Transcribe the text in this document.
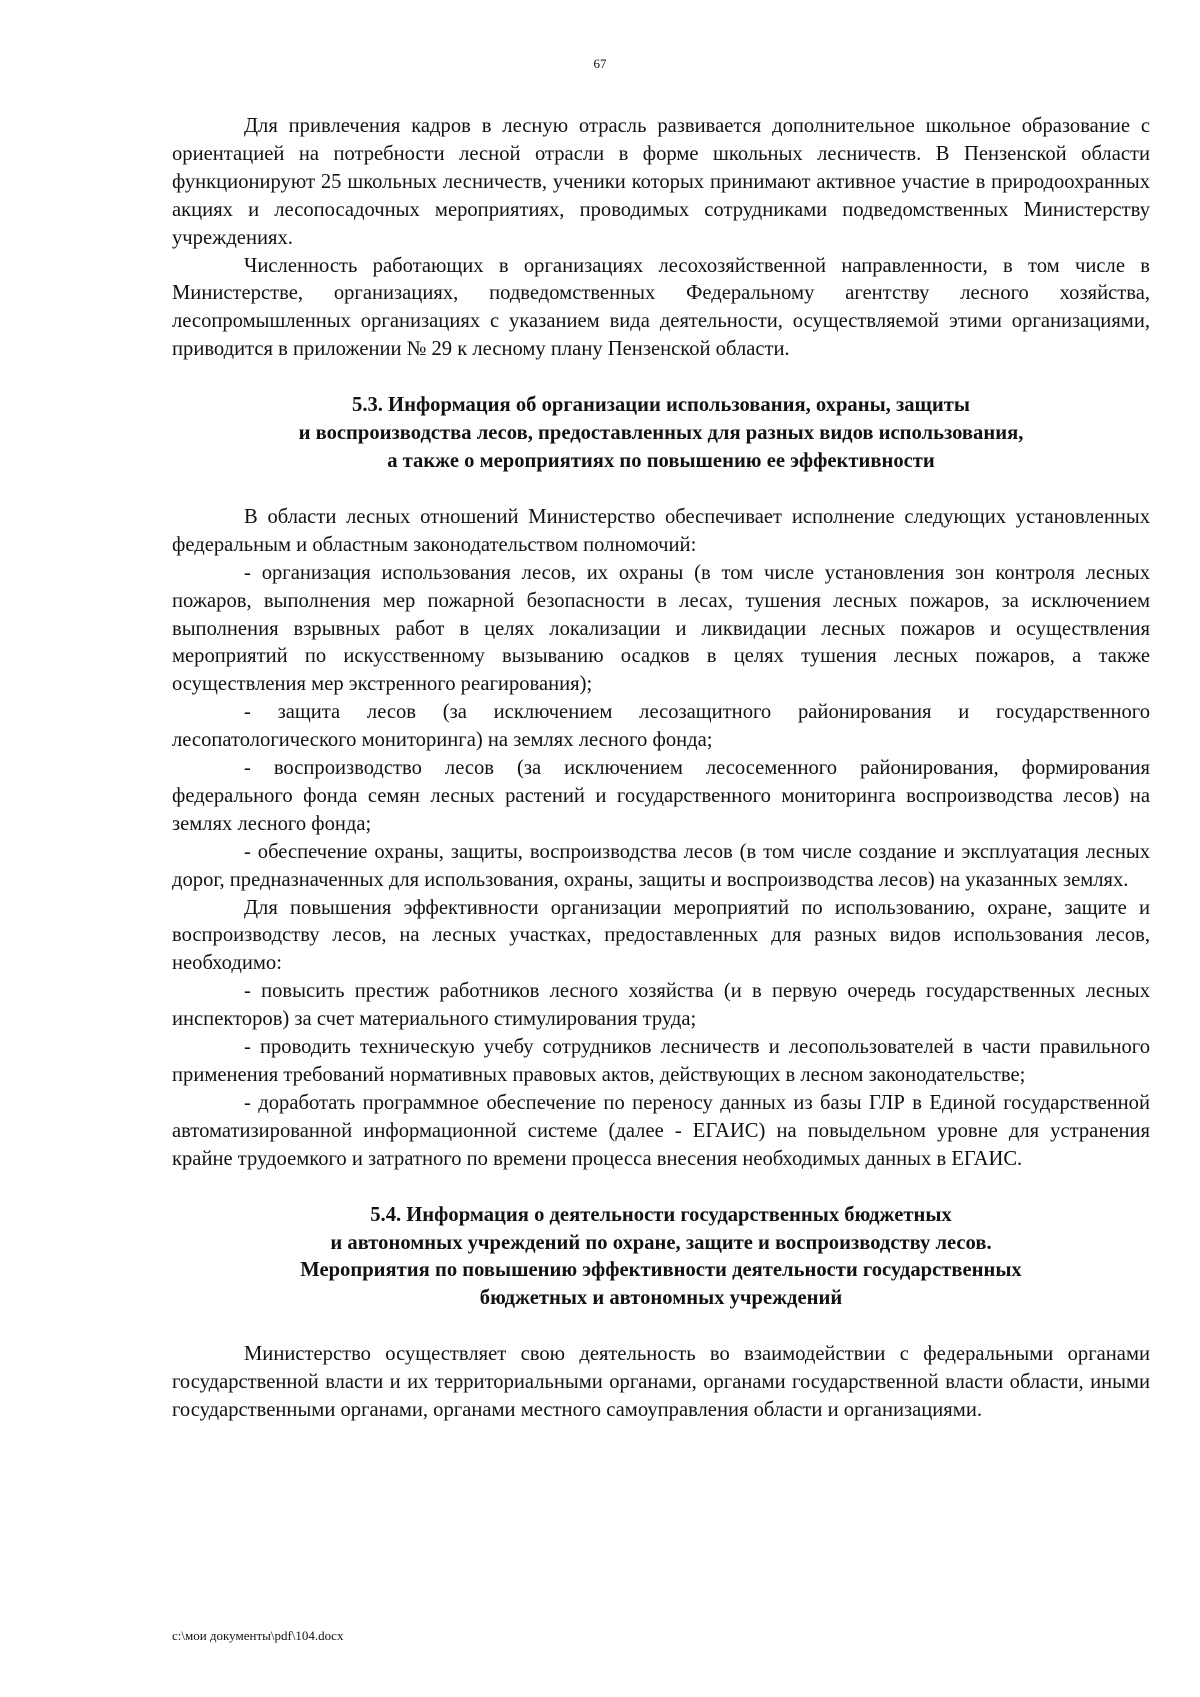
67

Для привлечения кадров в лесную отрасль развивается дополнительное школьное образование с ориентацией на потребности лесной отрасли в форме школьных лесничеств. В Пензенской области функционируют 25 школьных лесничеств, ученики которых принимают активное участие в природоохранных акциях и лесопосадочных мероприятиях, проводимых сотрудниками подведомственных Министерству учреждениях.

Численность работающих в организациях лесохозяйственной направленности, в том числе в Министерстве, организациях, подведомственных Федеральному агентству лесного хозяйства, лесопромышленных организациях с указанием вида деятельности, осуществляемой этими организациями, приводится в приложении № 29 к лесному плану Пензенской области.

5.3. Информация об организации использования, охраны, защиты
и воспроизводства лесов, предоставленных для разных видов использования,
а также о мероприятиях по повышению ее эффективности

В области лесных отношений Министерство обеспечивает исполнение следующих установленных федеральным и областным законодательством полномочий:

- организация использования лесов, их охраны (в том числе установления зон контроля лесных пожаров, выполнения мер пожарной безопасности в лесах, тушения лесных пожаров, за исключением выполнения взрывных работ в целях локализации и ликвидации лесных пожаров и осуществления мероприятий по искусственному вызыванию осадков в целях тушения лесных пожаров, а также осуществления мер экстренного реагирования);

- защита лесов (за исключением лесозащитного районирования и государственного лесопатологического мониторинга) на землях лесного фонда;

- воспроизводство лесов (за исключением лесосеменного районирования, формирования федерального фонда семян лесных растений и государственного мониторинга воспроизводства лесов) на землях лесного фонда;

- обеспечение охраны, защиты, воспроизводства лесов (в том числе создание и эксплуатация лесных дорог, предназначенных для использования, охраны, защиты и воспроизводства лесов) на указанных землях.

Для повышения эффективности организации мероприятий по использованию, охране, защите и воспроизводству лесов, на лесных участках, предоставленных для разных видов использования лесов, необходимо:

- повысить престиж работников лесного хозяйства (и в первую очередь государственных лесных инспекторов) за счет материального стимулирования труда;

- проводить техническую учебу сотрудников лесничеств и лесопользователей в части правильного применения требований нормативных правовых актов, действующих в лесном законодательстве;

- доработать программное обеспечение по переносу данных из базы ГЛР в Единой государственной автоматизированной информационной системе (далее - ЕГАИС) на повыдельном уровне для устранения крайне трудоемкого и затратного по времени процесса внесения необходимых данных в ЕГАИС.

5.4. Информация о деятельности государственных бюджетных
и автономных учреждений по охране, защите и воспроизводству лесов.
Мероприятия по повышению эффективности деятельности государственных
бюджетных и автономных учреждений

Министерство осуществляет свою деятельность во взаимодействии с федеральными органами государственной власти и их территориальными органами, органами государственной власти области, иными государственными органами, органами местного самоуправления области и организациями.

c:\мои документы\pdf\104.docx
